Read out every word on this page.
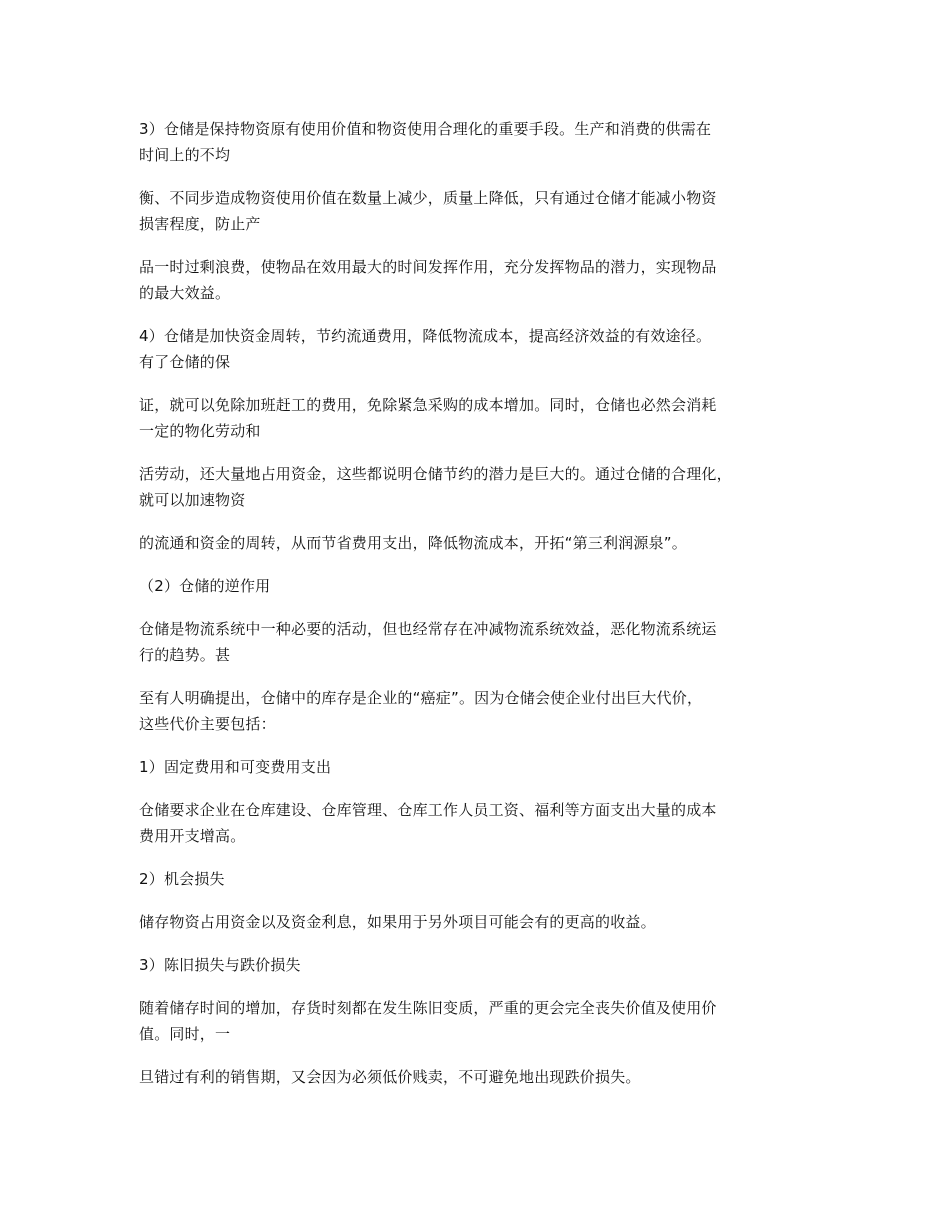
3）仓储是保持物资原有使用价值和物资使用合理化的重要手段。生产和消费的供需在
时间上的不均

衡、不同步造成物资使用价值在数量上减少，质量上降低，只有通过仓储才能减小物资
损害程度，防止产

品一时过剩浪费，使物品在效用最大的时间发挥作用，充分发挥物品的潜力，实现物品
的最大效益。

4）仓储是加快资金周转，节约流通费用，降低物流成本，提高经济效益的有效途径。
有了仓储的保

证，就可以免除加班赶工的费用，免除紧急采购的成本增加。同时，仓储也必然会消耗
一定的物化劳动和

活劳动，还大量地占用资金，这些都说明仓储节约的潜力是巨大的。通过仓储的合理化，
就可以加速物资

的流通和资金的周转，从而节省费用支出，降低物流成本，开拓“第三利润源泉”。

（2）仓储的逆作用

仓储是物流系统中一种必要的活动，但也经常存在冲减物流系统效益，恶化物流系统运
行的趋势。甚

至有人明确提出，仓储中的库存是企业的“癌症”。因为仓储会使企业付出巨大代价，
这些代价主要包括：

1）固定费用和可变费用支出

仓储要求企业在仓库建设、仓库管理、仓库工作人员工资、福利等方面支出大量的成本
费用开支增高。

2）机会损失

储存物资占用资金以及资金利息，如果用于另外项目可能会有的更高的收益。

3）陈旧损失与跌价损失

随着储存时间的增加，存货时刻都在发生陈旧变质，严重的更会完全丧失价值及使用价
值。同时，一

旦错过有利的销售期，又会因为必须低价贱卖，不可避免地出现跌价损失。
